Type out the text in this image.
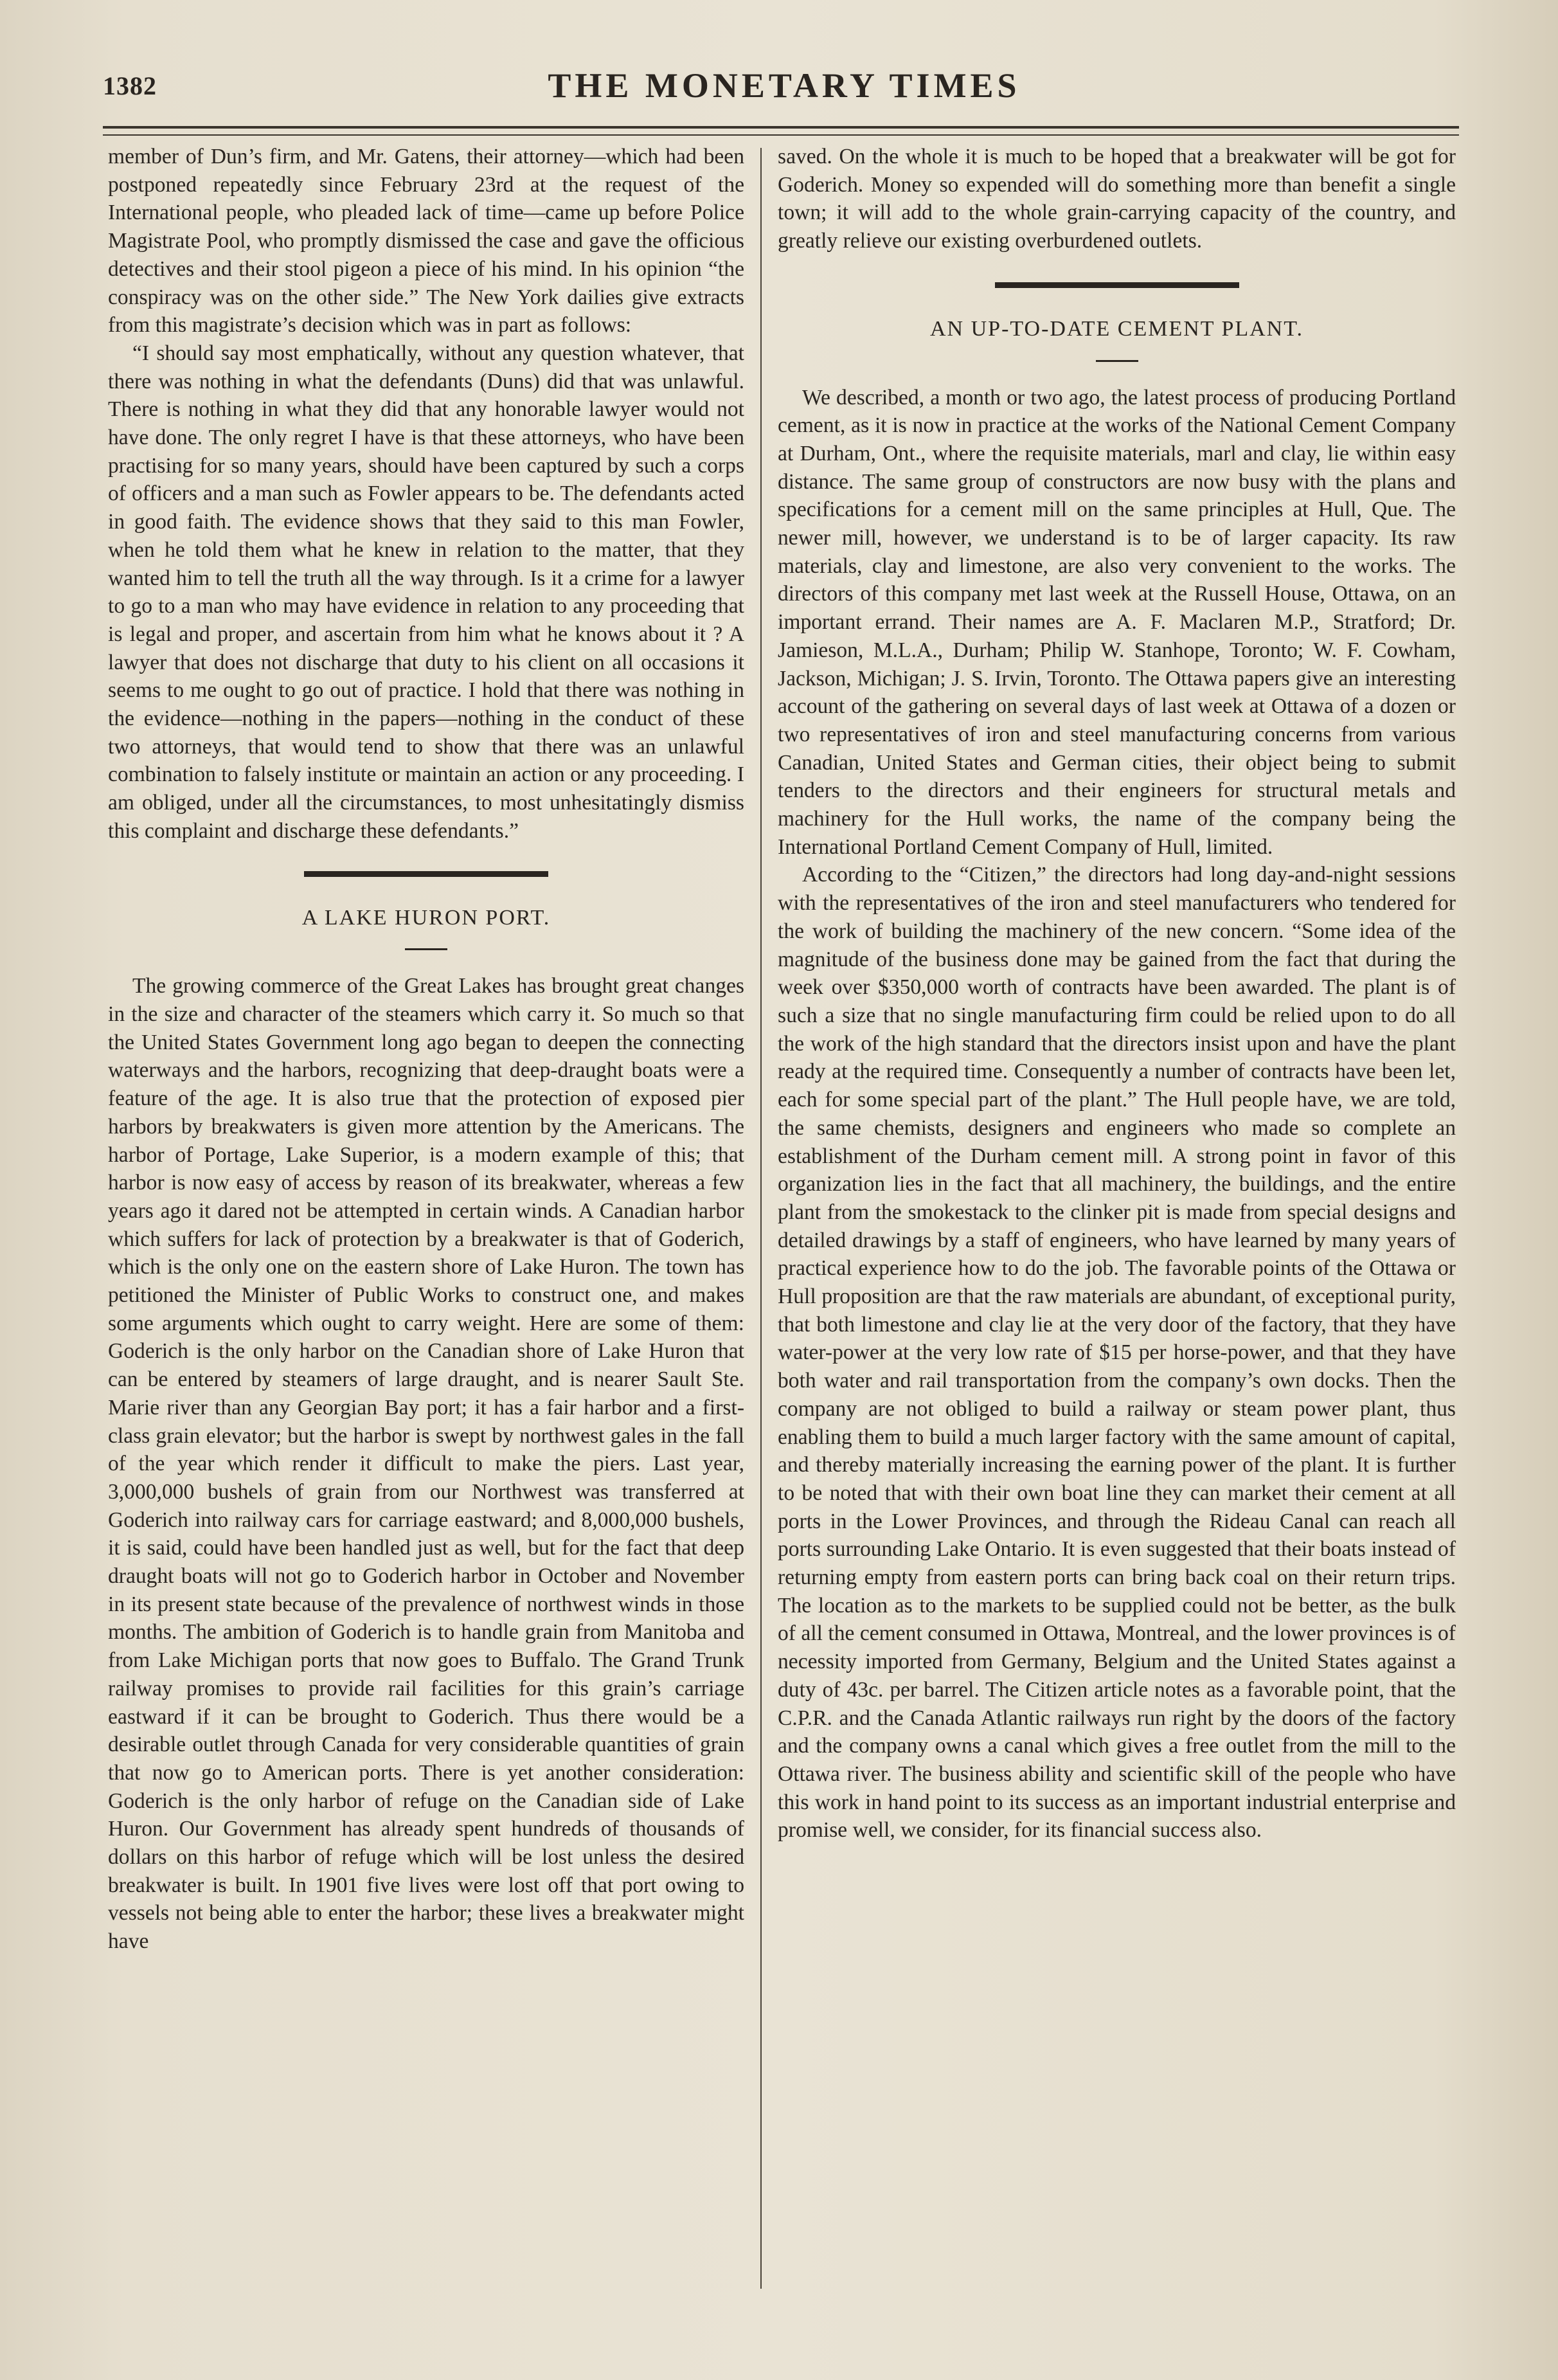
1382	THE MONETARY TIMES

member of Dun’s firm, and Mr. Gatens, their attorney—which had been postponed repeatedly since February 23rd at the request of the International people, who pleaded lack of time—came up before Police Magistrate Pool, who promptly dismissed the case and gave the officious detectives and their stool pigeon a piece of his mind. In his opinion “the conspiracy was on the other side.” The New York dailies give extracts from this magistrate’s decision which was in part as follows:

“I should say most emphatically, without any question whatever, that there was nothing in what the defendants (Duns) did that was unlawful. There is nothing in what they did that any honorable lawyer would not have done. The only regret I have is that these attorneys, who have been practising for so many years, should have been captured by such a corps of officers and a man such as Fowler appears to be. The defendants acted in good faith. The evidence shows that they said to this man Fowler, when he told them what he knew in relation to the matter, that they wanted him to tell the truth all the way through. Is it a crime for a lawyer to go to a man who may have evidence in relation to any proceeding that is legal and proper, and ascertain from him what he knows about it ? A lawyer that does not discharge that duty to his client on all occasions it seems to me ought to go out of practice. I hold that there was nothing in the evidence—nothing in the papers—nothing in the conduct of these two attorneys, that would tend to show that there was an unlawful combination to falsely institute or maintain an action or any proceeding. I am obliged, under all the circumstances, to most unhesitatingly dismiss this complaint and discharge these defendants.”

A LAKE HURON PORT.

The growing commerce of the Great Lakes has brought great changes in the size and character of the steamers which carry it. So much so that the United States Government long ago began to deepen the connecting waterways and the harbors, recognizing that deep-draught boats were a feature of the age. It is also true that the protection of exposed pier harbors by breakwaters is given more attention by the Americans. The harbor of Portage, Lake Superior, is a modern example of this; that harbor is now easy of access by reason of its breakwater, whereas a few years ago it dared not be attempted in certain winds. A Canadian harbor which suffers for lack of protection by a breakwater is that of Goderich, which is the only one on the eastern shore of Lake Huron. The town has petitioned the Minister of Public Works to construct one, and makes some arguments which ought to carry weight. Here are some of them: Goderich is the only harbor on the Canadian shore of Lake Huron that can be entered by steamers of large draught, and is nearer Sault Ste. Marie river than any Georgian Bay port; it has a fair harbor and a first-class grain elevator; but the harbor is swept by northwest gales in the fall of the year which render it difficult to make the piers. Last year, 3,000,000 bushels of grain from our Northwest was transferred at Goderich into railway cars for carriage eastward; and 8,000,000 bushels, it is said, could have been handled just as well, but for the fact that deep draught boats will not go to Goderich harbor in October and November in its present state because of the prevalence of northwest winds in those months. The ambition of Goderich is to handle grain from Manitoba and from Lake Michigan ports that now goes to Buffalo. The Grand Trunk railway promises to provide rail facilities for this grain’s carriage eastward if it can be brought to Goderich. Thus there would be a desirable outlet through Canada for very considerable quantities of grain that now go to American ports. There is yet another consideration: Goderich is the only harbor of refuge on the Canadian side of Lake Huron. Our Government has already spent hundreds of thousands of dollars on this harbor of refuge which will be lost unless the desired breakwater is built. In 1901 five lives were lost off that port owing to vessels not being able to enter the harbor; these lives a breakwater might have

saved. On the whole it is much to be hoped that a breakwater will be got for Goderich. Money so expended will do something more than benefit a single town; it will add to the whole grain-carrying capacity of the country, and greatly relieve our existing overburdened outlets.

AN UP-TO-DATE CEMENT PLANT.

We described, a month or two ago, the latest process of producing Portland cement, as it is now in practice at the works of the National Cement Company at Durham, Ont., where the requisite materials, marl and clay, lie within easy distance. The same group of constructors are now busy with the plans and specifications for a cement mill on the same principles at Hull, Que. The newer mill, however, we understand is to be of larger capacity. Its raw materials, clay and limestone, are also very convenient to the works. The directors of this company met last week at the Russell House, Ottawa, on an important errand. Their names are A. F. Maclaren M.P., Stratford; Dr. Jamieson, M.L.A., Durham; Philip W. Stanhope, Toronto; W. F. Cowham, Jackson, Michigan; J. S. Irvin, Toronto. The Ottawa papers give an interesting account of the gathering on several days of last week at Ottawa of a dozen or two representatives of iron and steel manufacturing concerns from various Canadian, United States and German cities, their object being to submit tenders to the directors and their engineers for structural metals and machinery for the Hull works, the name of the company being the International Portland Cement Company of Hull, limited.

According to the “Citizen,” the directors had long day-and-night sessions with the representatives of the iron and steel manufacturers who tendered for the work of building the machinery of the new concern. “Some idea of the magnitude of the business done may be gained from the fact that during the week over $350,000 worth of contracts have been awarded. The plant is of such a size that no single manufacturing firm could be relied upon to do all the work of the high standard that the directors insist upon and have the plant ready at the required time. Consequently a number of contracts have been let, each for some special part of the plant.” The Hull people have, we are told, the same chemists, designers and engineers who made so complete an establishment of the Durham cement mill. A strong point in favor of this organization lies in the fact that all machinery, the buildings, and the entire plant from the smokestack to the clinker pit is made from special designs and detailed drawings by a staff of engineers, who have learned by many years of practical experience how to do the job. The favorable points of the Ottawa or Hull proposition are that the raw materials are abundant, of exceptional purity, that both limestone and clay lie at the very door of the factory, that they have water-power at the very low rate of $15 per horse-power, and that they have both water and rail transportation from the company’s own docks. Then the company are not obliged to build a railway or steam power plant, thus enabling them to build a much larger factory with the same amount of capital, and thereby materially increasing the earning power of the plant. It is further to be noted that with their own boat line they can market their cement at all ports in the Lower Provinces, and through the Rideau Canal can reach all ports surrounding Lake Ontario. It is even suggested that their boats instead of returning empty from eastern ports can bring back coal on their return trips. The location as to the markets to be supplied could not be better, as the bulk of all the cement consumed in Ottawa, Montreal, and the lower provinces is of necessity imported from Germany, Belgium and the United States against a duty of 43c. per barrel. The Citizen article notes as a favorable point, that the C.P.R. and the Canada Atlantic railways run right by the doors of the factory and the company owns a canal which gives a free outlet from the mill to the Ottawa river. The business ability and scientific skill of the people who have this work in hand point to its success as an important industrial enterprise and promise well, we consider, for its financial success also.
